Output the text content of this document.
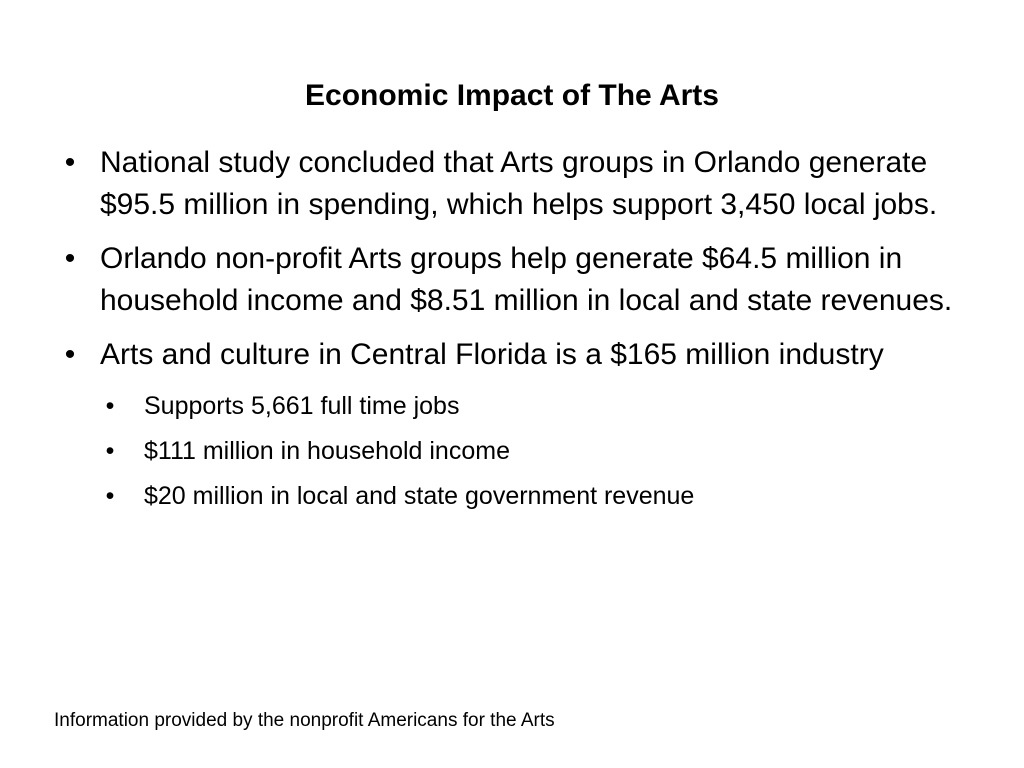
Economic Impact of The Arts
• National study concluded that Arts groups in Orlando generate $95.5 million in spending, which helps support 3,450 local jobs.
• Orlando non-profit Arts groups help generate $64.5 million in household income and $8.51 million in local and state revenues.
• Arts and culture in Central Florida is a $165 million industry
• Supports 5,661 full time jobs
• $111 million in household income
• $20 million in local and state government revenue
Information provided by the nonprofit Americans for the Arts
